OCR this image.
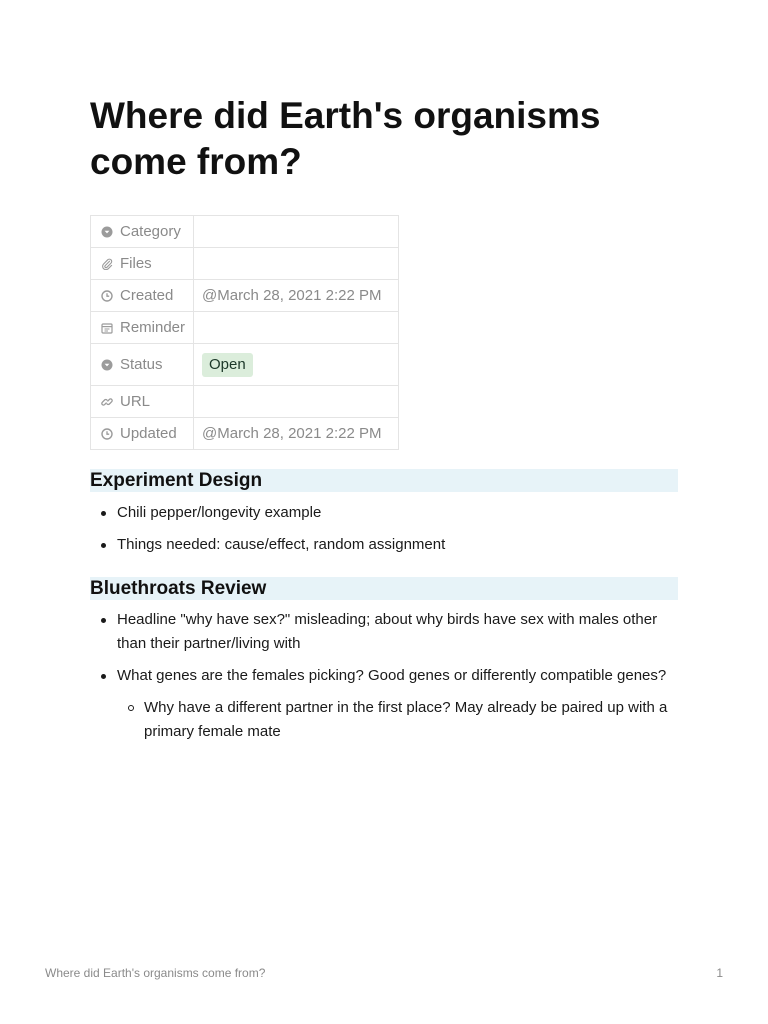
Where did Earth's organisms come from?
Category	

Files	

Created	@March 28, 2021 2:22 PM

Reminder	

Status	Open

URL	

Updated	@March 28, 2021 2:22 PM
Experiment Design
Chili pepper/longevity example
Things needed: cause/effect, random assignment
Bluethroats Review
Headline "why have sex?" misleading; about why birds have sex with males other than their partner/living with
What genes are the females picking? Good genes or differently compatible genes?
Why have a different partner in the first place? May already be paired up with a primary female mate
Where did Earth's organisms come from?	1
